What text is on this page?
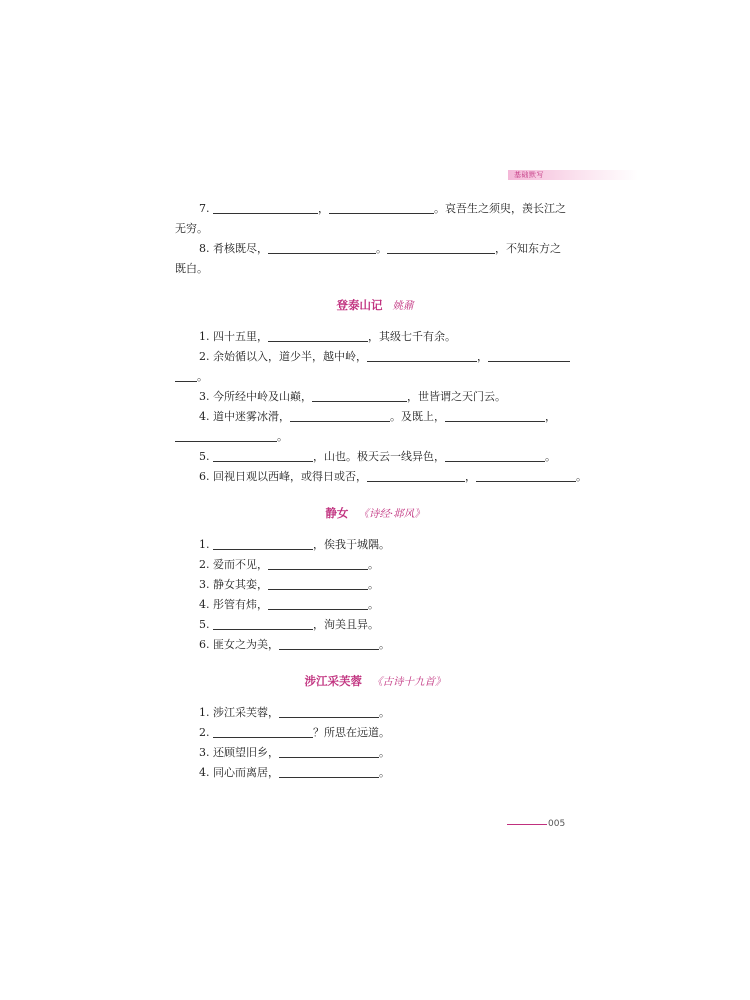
基础默写
7.	，	。哀吾生之须臾，羡长江之
无穷。
8. 肴核既尽，	。	，不知东方之
既白。
登泰山记 姚鼐
1. 四十五里，	，其级七千有余。
2. 余始循以入，道少半，越中岭，	，
。
3. 今所经中岭及山巅，	，世皆谓之天门云。
4. 道中迷雾冰滑，	。及既上，	，
。
5.	，山也。极天云一线异色，	。
6. 回视日观以西峰，或得日或否，	，	。
静女 《诗经·邶风》
1.	，俟我于城隅。
2. 爱而不见，	。
3. 静女其娈，	。
4. 彤管有炜，	。
5.	，洵美且异。
6. 匪女之为美，	。
涉江采芙蓉 《古诗十九首》
1. 涉江采芙蓉，	。
2.	？所思在远道。
3. 还顾望旧乡，	。
4. 同心而离居，	。
005
